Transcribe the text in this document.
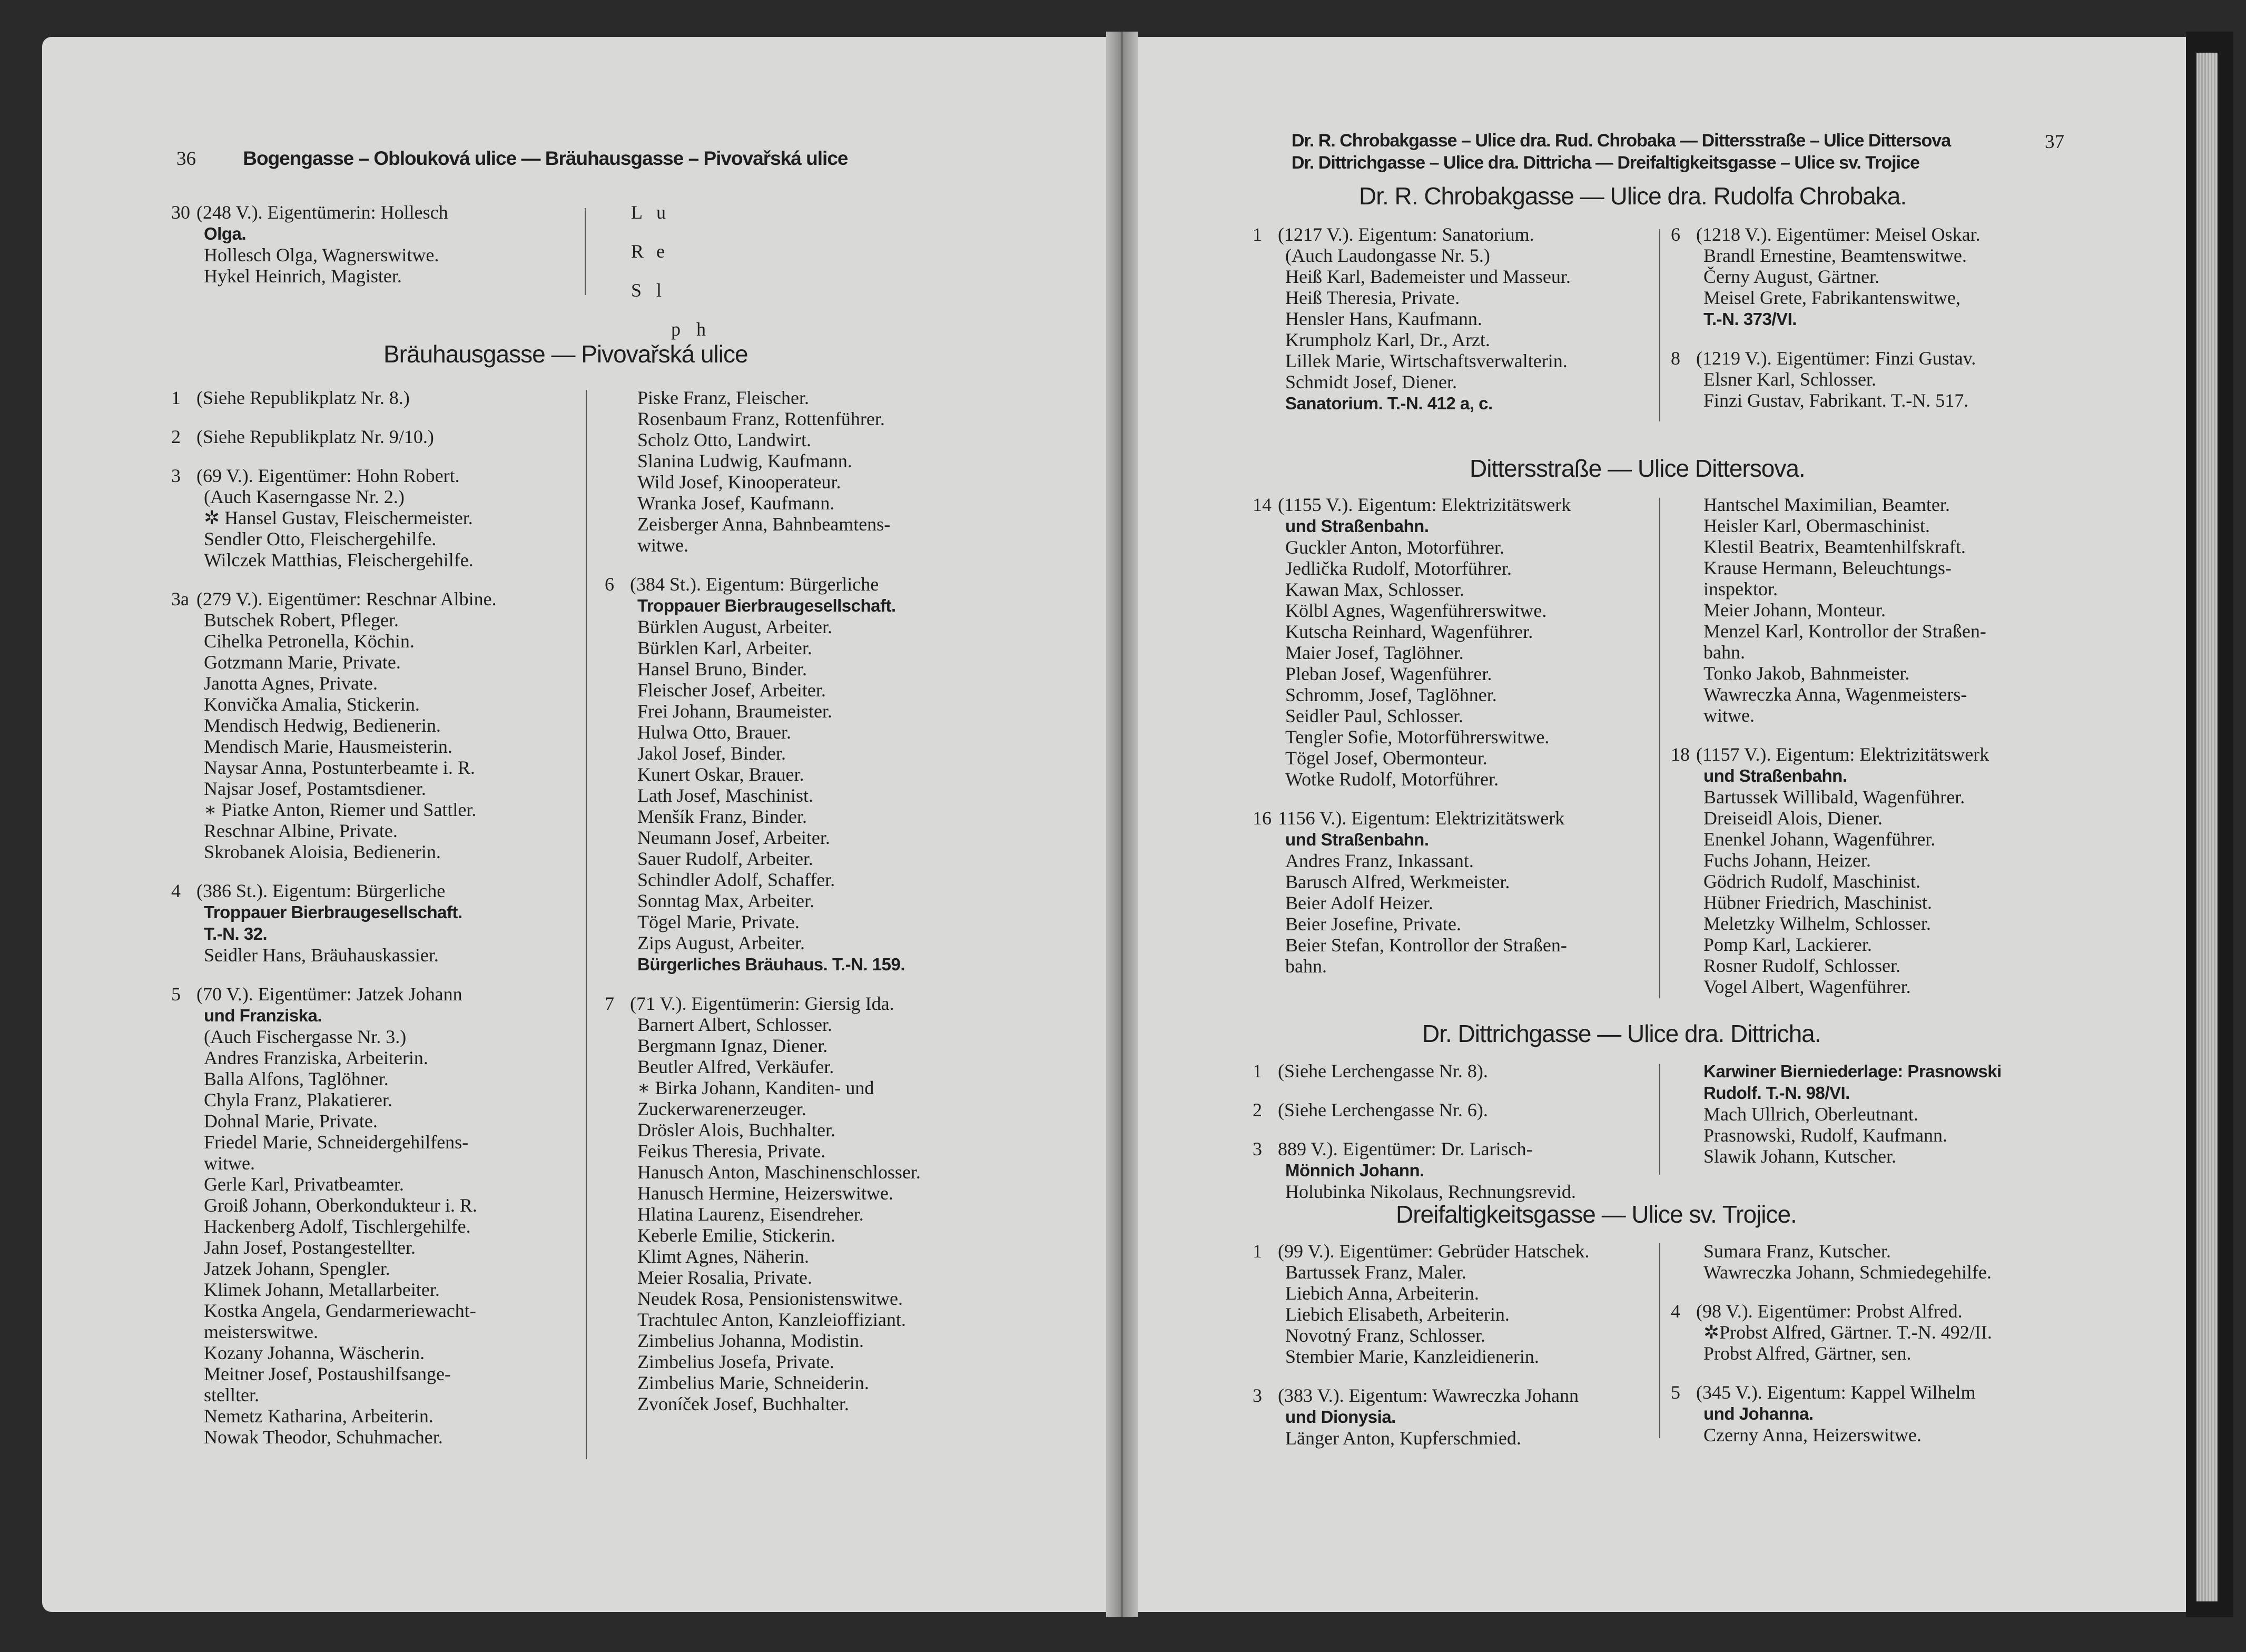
36 Bogengasse – Oblouková ulice — Bräuhausgasse – Pivovařská ulice
30 (248 V.). Eigentümerin: Hollesch
Olga.
Hollesch Olga, Wagnerswitwe.
Hykel Heinrich, Magister.
L u
R e
S l
p h
Bräuhausgasse — Pivovařská ulice
1 (Siehe Republikplatz Nr. 8.)
2 (Siehe Republikplatz Nr. 9/10.)
3 (69 V.). Eigentümer: Hohn Robert.
(Auch Kaserngasse Nr. 2.)
✲ Hansel Gustav, Fleischermeister.
Sendler Otto, Fleischergehilfe.
Wilczek Matthias, Fleischergehilfe.
3a (279 V.). Eigentümer: Reschnar Albine.
Butschek Robert, Pfleger.
Cihelka Petronella, Köchin.
Gotzmann Marie, Private.
Janotta Agnes, Private.
Konvička Amalia, Stickerin.
Mendisch Hedwig, Bedienerin.
Mendisch Marie, Hausmeisterin.
Naysar Anna, Postunterbeamte i. R.
Najsar Josef, Postamtsdiener.
∗ Piatke Anton, Riemer und Sattler.
Reschnar Albine, Private.
Skrobanek Aloisia, Bedienerin.
4 (386 St.). Eigentum: Bürgerliche
Troppauer Bierbraugesellschaft.
T.-N. 32.
Seidler Hans, Bräuhauskassier.
5 (70 V.). Eigentümer: Jatzek Johann
und Franziska.
(Auch Fischergasse Nr. 3.)
Andres Franziska, Arbeiterin.
Balla Alfons, Taglöhner.
Chyla Franz, Plakatierer.
Dohnal Marie, Private.
Friedel Marie, Schneidergehilfens-
witwe.
Gerle Karl, Privatbeamter.
Groiß Johann, Oberkondukteur i. R.
Hackenberg Adolf, Tischlergehilfe.
Jahn Josef, Postangestellter.
Jatzek Johann, Spengler.
Klimek Johann, Metallarbeiter.
Kostka Angela, Gendarmeriewacht-
meisterswitwe.
Kozany Johanna, Wäscherin.
Meitner Josef, Postaushilfsange-
stellter.
Nemetz Katharina, Arbeiterin.
Nowak Theodor, Schuhmacher.
Piske Franz, Fleischer.
Rosenbaum Franz, Rottenführer.
Scholz Otto, Landwirt.
Slanina Ludwig, Kaufmann.
Wild Josef, Kinooperateur.
Wranka Josef, Kaufmann.
Zeisberger Anna, Bahnbeamtens-
witwe.
6 (384 St.). Eigentum: Bürgerliche
Troppauer Bierbraugesellschaft.
Bürklen August, Arbeiter.
Bürklen Karl, Arbeiter.
Hansel Bruno, Binder.
Fleischer Josef, Arbeiter.
Frei Johann, Braumeister.
Hulwa Otto, Brauer.
Jakol Josef, Binder.
Kunert Oskar, Brauer.
Lath Josef, Maschinist.
Menšík Franz, Binder.
Neumann Josef, Arbeiter.
Sauer Rudolf, Arbeiter.
Schindler Adolf, Schaffer.
Sonntag Max, Arbeiter.
Tögel Marie, Private.
Zips August, Arbeiter.
Bürgerliches Bräuhaus. T.-N. 159.
7 (71 V.). Eigentümerin: Giersig Ida.
Barnert Albert, Schlosser.
Bergmann Ignaz, Diener.
Beutler Alfred, Verkäufer.
∗ Birka Johann, Kanditen- und
Zuckerwarenerzeuger.
Drösler Alois, Buchhalter.
Feikus Theresia, Private.
Hanusch Anton, Maschinenschlosser.
Hanusch Hermine, Heizerswitwe.
Hlatina Laurenz, Eisendreher.
Keberle Emilie, Stickerin.
Klimt Agnes, Näherin.
Meier Rosalia, Private.
Neudek Rosa, Pensionistenswitwe.
Trachtulec Anton, Kanzleioffiziant.
Zimbelius Johanna, Modistin.
Zimbelius Josefa, Private.
Zimbelius Marie, Schneiderin.
Zvoníček Josef, Buchhalter.
Dr. R. Chrobakgasse – Ulice dra. Rud. Chrobaka — Dittersstraße – Ulice Dittersova	37
Dr. Dittrichgasse – Ulice dra. Dittricha — Dreifaltigkeitsgasse – Ulice sv. Trojice
Dr. R. Chrobakgasse — Ulice dra. Rudolfa Chrobaka.
1 (1217 V.). Eigentum: Sanatorium.
(Auch Laudongasse Nr. 5.)
Heiß Karl, Bademeister und Masseur.
Heiß Theresia, Private.
Hensler Hans, Kaufmann.
Krumpholz Karl, Dr., Arzt.
Lillek Marie, Wirtschaftsverwalterin.
Schmidt Josef, Diener.
Sanatorium. T.-N. 412 a, c.
6 (1218 V.). Eigentümer: Meisel Oskar.
Brandl Ernestine, Beamtenswitwe.
Černy August, Gärtner.
Meisel Grete, Fabrikantenswitwe,
T.-N. 373/VI.
8 (1219 V.). Eigentümer: Finzi Gustav.
Elsner Karl, Schlosser.
Finzi Gustav, Fabrikant. T.-N. 517.
Dittersstraße — Ulice Dittersova.
14 (1155 V.). Eigentum: Elektrizitätswerk
und Straßenbahn.
Guckler Anton, Motorführer.
Jedlička Rudolf, Motorführer.
Kawan Max, Schlosser.
Kölbl Agnes, Wagenführerswitwe.
Kutscha Reinhard, Wagenführer.
Maier Josef, Taglöhner.
Pleban Josef, Wagenführer.
Schromm, Josef, Taglöhner.
Seidler Paul, Schlosser.
Tengler Sofie, Motorführerswitwe.
Tögel Josef, Obermonteur.
Wotke Rudolf, Motorführer.
16 1156 V.). Eigentum: Elektrizitätswerk
und Straßenbahn.
Andres Franz, Inkassant.
Barusch Alfred, Werkmeister.
Beier Adolf Heizer.
Beier Josefine, Private.
Beier Stefan, Kontrollor der Straßen-
bahn.
Hantschel Maximilian, Beamter.
Heisler Karl, Obermaschinist.
Klestil Beatrix, Beamtenhilfskraft.
Krause Hermann, Beleuchtungs-
inspektor.
Meier Johann, Monteur.
Menzel Karl, Kontrollor der Straßen-
bahn.
Tonko Jakob, Bahnmeister.
Wawreczka Anna, Wagenmeisters-
witwe.
18 (1157 V.). Eigentum: Elektrizitätswerk
und Straßenbahn.
Bartussek Willibald, Wagenführer.
Dreiseidl Alois, Diener.
Enenkel Johann, Wagenführer.
Fuchs Johann, Heizer.
Gödrich Rudolf, Maschinist.
Hübner Friedrich, Maschinist.
Meletzky Wilhelm, Schlosser.
Pomp Karl, Lackierer.
Rosner Rudolf, Schlosser.
Vogel Albert, Wagenführer.
Dr. Dittrichgasse — Ulice dra. Dittricha.
1 (Siehe Lerchengasse Nr. 8).
2 (Siehe Lerchengasse Nr. 6).
3 889 V.). Eigentümer: Dr. Larisch-
Mönnich Johann.
Holubinka Nikolaus, Rechnungsrevid.
Karwiner Bierniederlage: Prasnowski
Rudolf. T.-N. 98/VI.
Mach Ullrich, Oberleutnant.
Prasnowski, Rudolf, Kaufmann.
Slawik Johann, Kutscher.
Dreifaltigkeitsgasse — Ulice sv. Trojice.
1 (99 V.). Eigentümer: Gebrüder Hatschek.
Bartussek Franz, Maler.
Liebich Anna, Arbeiterin.
Liebich Elisabeth, Arbeiterin.
Novotný Franz, Schlosser.
Stembier Marie, Kanzleidienerin.
3 (383 V.). Eigentum: Wawreczka Johann
und Dionysia.
Länger Anton, Kupferschmied.
Sumara Franz, Kutscher.
Wawreczka Johann, Schmiedegehilfe.
4 (98 V.). Eigentümer: Probst Alfred.
✲Probst Alfred, Gärtner. T.-N. 492/II.
Probst Alfred, Gärtner, sen.
5 (345 V.). Eigentum: Kappel Wilhelm
und Johanna.
Czerny Anna, Heizerswitwe.
